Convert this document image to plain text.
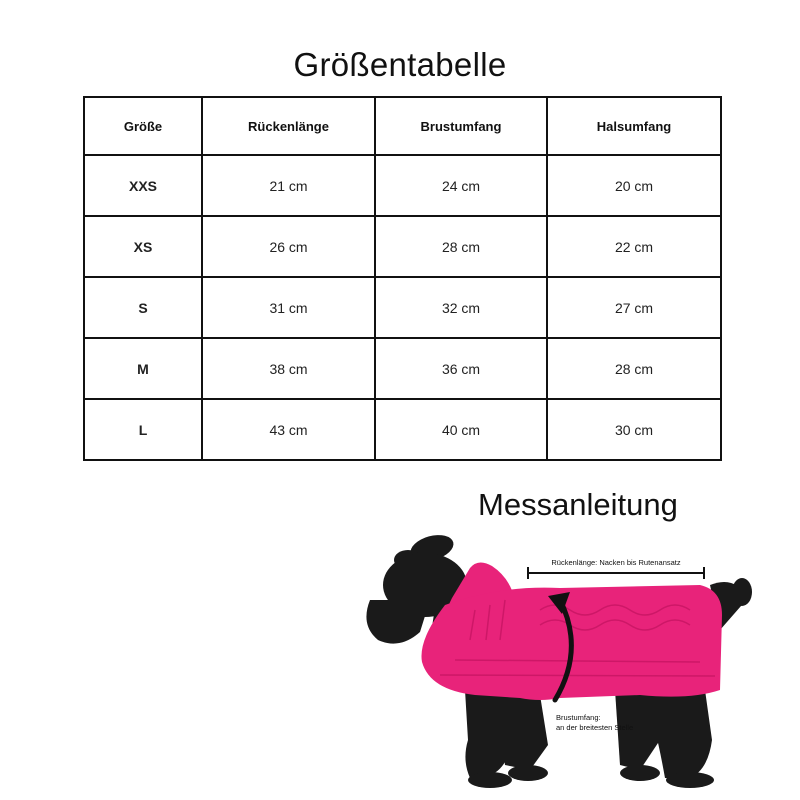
Größentabelle
Größe	Rückenlänge	Brustumfang	Halsumfang
XXS	21 cm	24 cm	20 cm
XS	26 cm	28 cm	22 cm
S	31 cm	32 cm	27 cm
M	38 cm	36 cm	28 cm
L	43 cm	40 cm	30 cm
Messanleitung
Rückenlänge: Nacken bis Rutenansatz
Brustumfang:
an der breitesten Stelle
